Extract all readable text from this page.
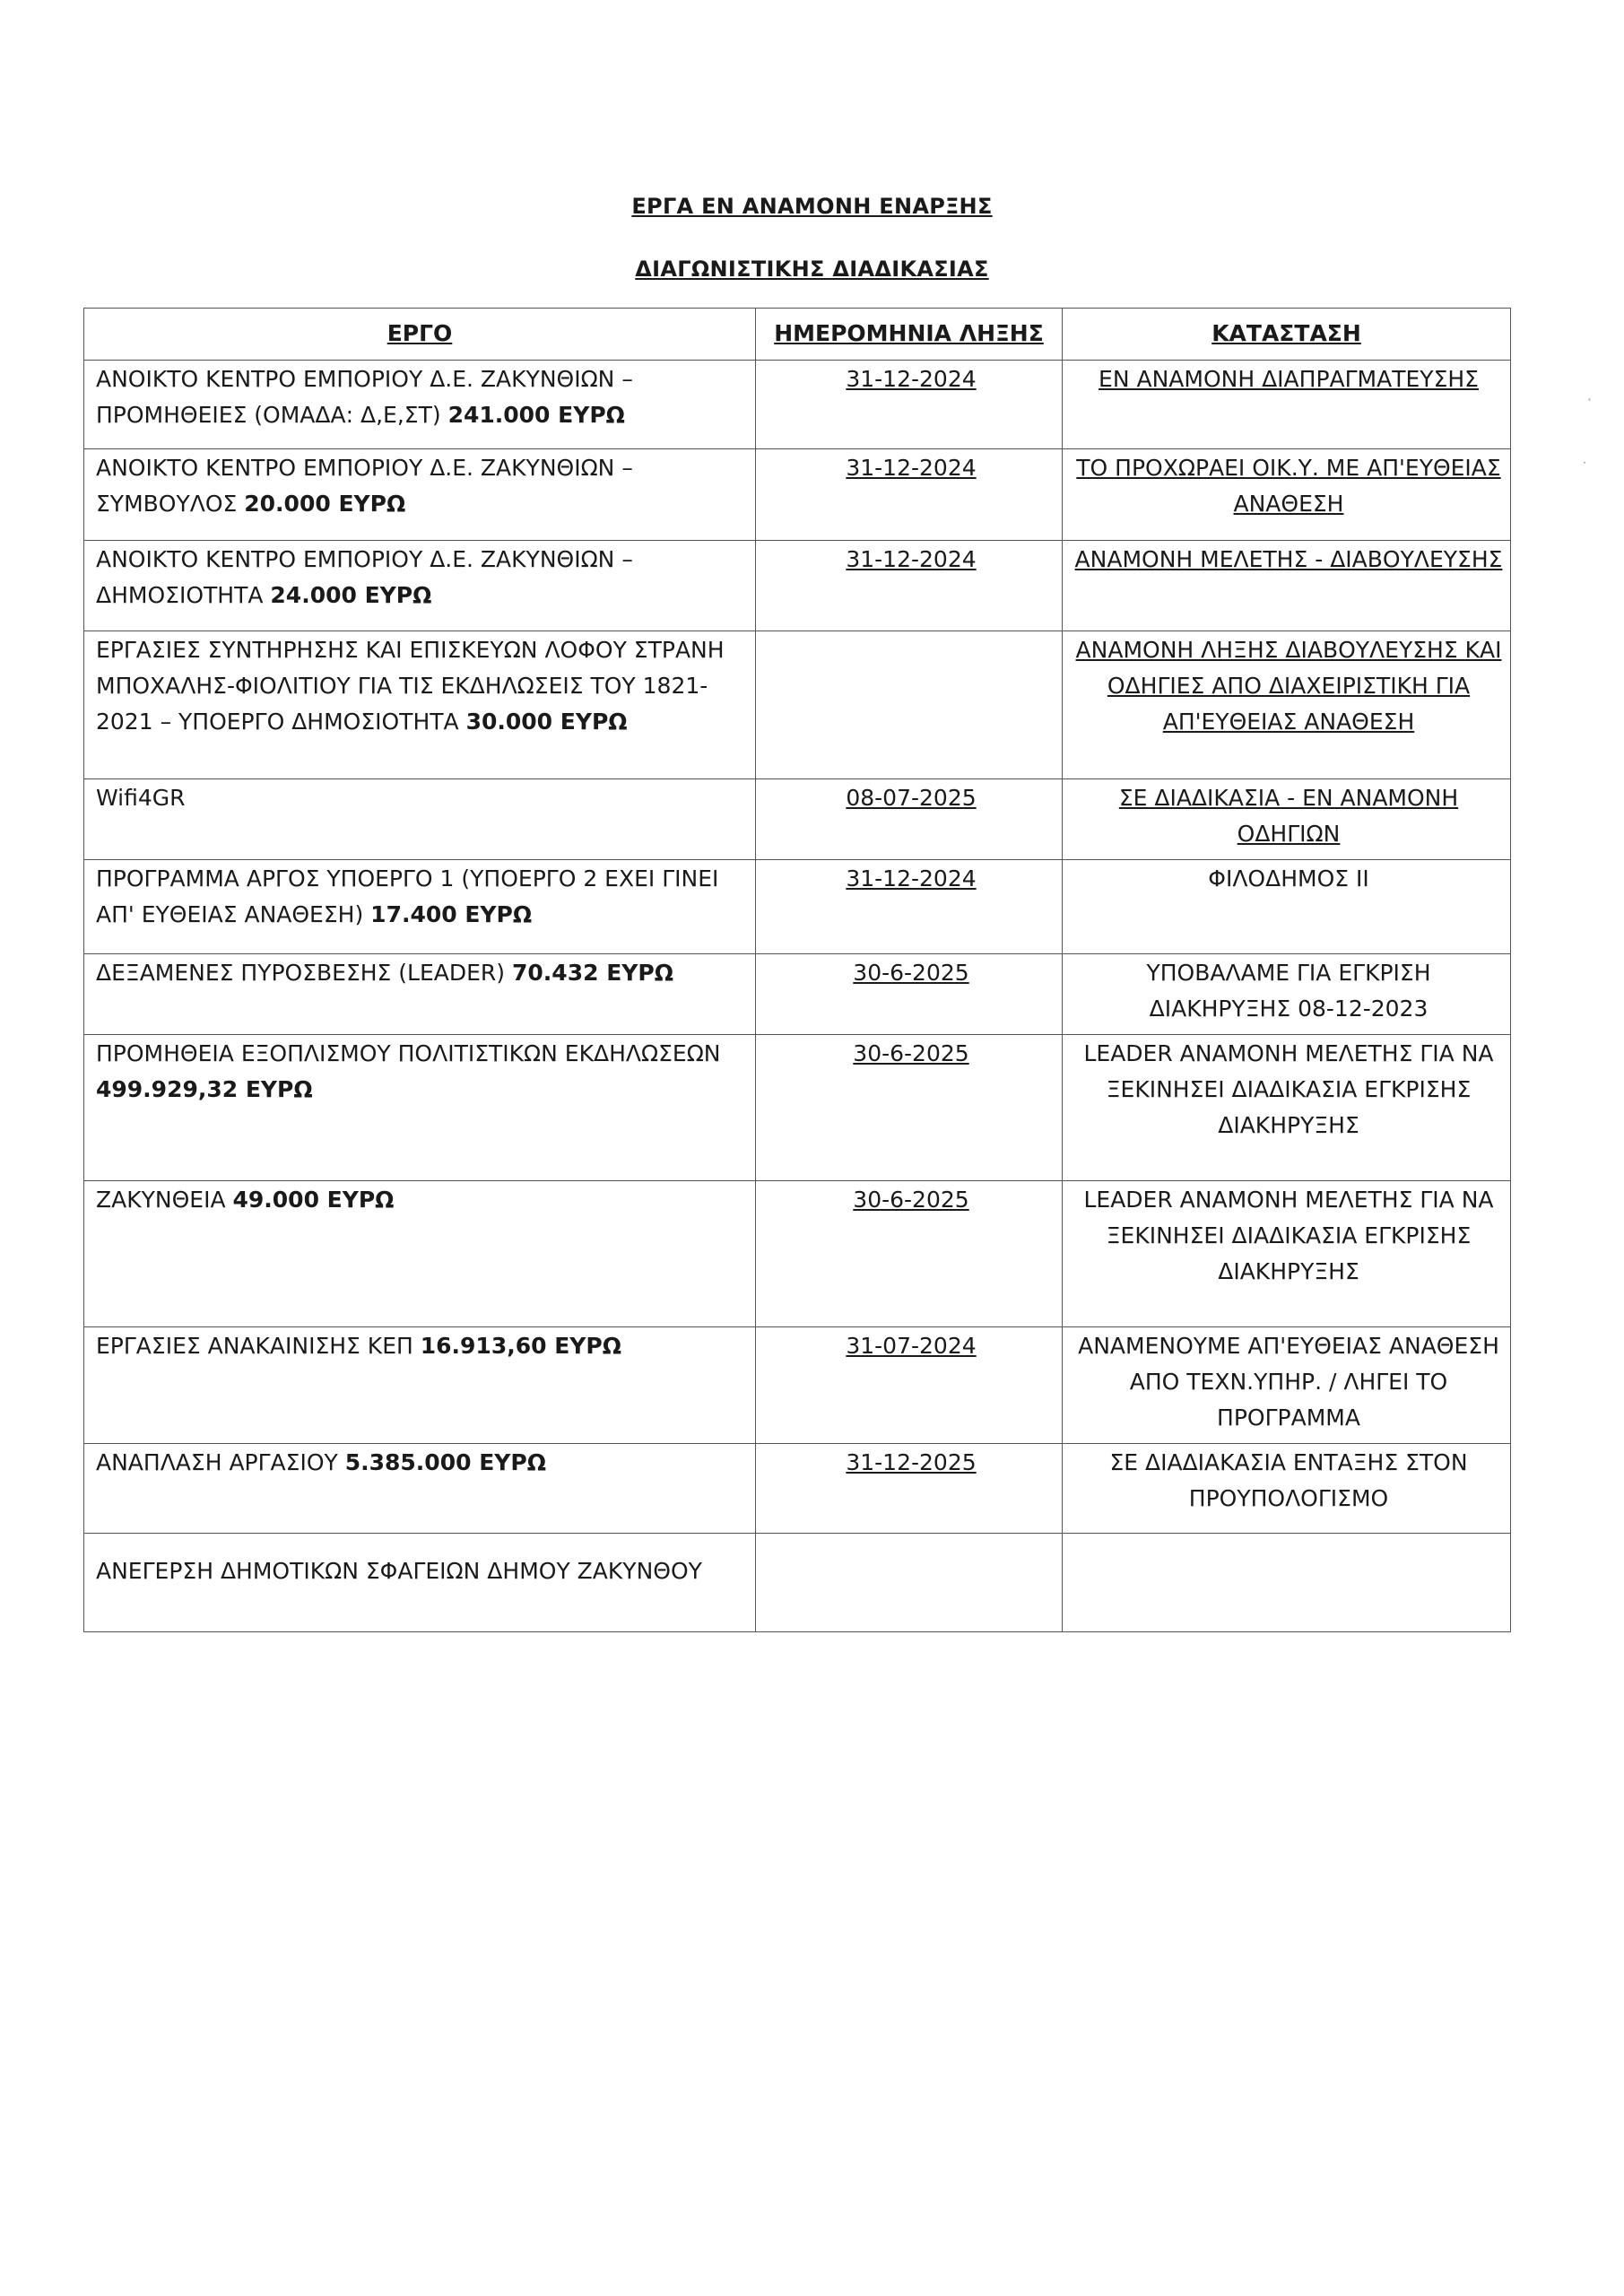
ΕΡΓΑ ΕΝ ΑΝΑΜΟΝΗ ΕΝΑΡΞΗΣ
ΔΙΑΓΩΝΙΣΤΙΚΗΣ ΔΙΑΔΙΚΑΣΙΑΣ
ΕΡΓΟ	ΗΜΕΡΟΜΗΝΙΑ ΛΗΞΗΣ	ΚΑΤΑΣΤΑΣΗ
ΑΝΟΙΚΤΟ ΚΕΝΤΡΟ ΕΜΠΟΡΙΟΥ Δ.Ε. ΖΑΚΥΝΘΙΩΝ – ΠΡΟΜΗΘΕΙΕΣ (ΟΜΑΔΑ: Δ,Ε,ΣΤ) 241.000 ΕΥΡΩ	31-12-2024	ΕΝ ΑΝΑΜΟΝΗ ΔΙΑΠΡΑΓΜΑΤΕΥΣΗΣ
ΑΝΟΙΚΤΟ ΚΕΝΤΡΟ ΕΜΠΟΡΙΟΥ Δ.Ε. ΖΑΚΥΝΘΙΩΝ – ΣΥΜΒΟΥΛΟΣ 20.000 ΕΥΡΩ	31-12-2024	ΤΟ ΠΡΟΧΩΡΑΕΙ ΟΙΚ.Υ. ΜΕ ΑΠ'ΕΥΘΕΙΑΣ ΑΝΑΘΕΣΗ
ΑΝΟΙΚΤΟ ΚΕΝΤΡΟ ΕΜΠΟΡΙΟΥ Δ.Ε. ΖΑΚΥΝΘΙΩΝ – ΔΗΜΟΣΙΟΤΗΤΑ 24.000 ΕΥΡΩ	31-12-2024	ΑΝΑΜΟΝΗ ΜΕΛΕΤΗΣ - ΔΙΑΒΟΥΛΕΥΣΗΣ
ΕΡΓΑΣΙΕΣ ΣΥΝΤΗΡΗΣΗΣ ΚΑΙ ΕΠΙΣΚΕΥΩΝ ΛΟΦΟΥ ΣΤΡΑΝΗ ΜΠΟΧΑΛΗΣ-ΦΙΟΛΙΤΙΟΥ ΓΙΑ ΤΙΣ ΕΚΔΗΛΩΣΕΙΣ ΤΟΥ 1821-2021 – ΥΠΟΕΡΓΟ ΔΗΜΟΣΙΟΤΗΤΑ 30.000 ΕΥΡΩ		ΑΝΑΜΟΝΗ ΛΗΞΗΣ ΔΙΑΒΟΥΛΕΥΣΗΣ ΚΑΙ ΟΔΗΓΙΕΣ ΑΠΟ ΔΙΑΧΕΙΡΙΣΤΙΚΗ ΓΙΑ ΑΠ'ΕΥΘΕΙΑΣ ΑΝΑΘΕΣΗ
Wifi4GR	08-07-2025	ΣΕ ΔΙΑΔΙΚΑΣΙΑ - ΕΝ ΑΝΑΜΟΝΗ ΟΔΗΓΙΩΝ
ΠΡΟΓΡΑΜΜΑ ΑΡΓΟΣ ΥΠΟΕΡΓΟ 1 (ΥΠΟΕΡΓΟ 2 ΕΧΕΙ ΓΙΝΕΙ ΑΠ' ΕΥΘΕΙΑΣ ΑΝΑΘΕΣΗ) 17.400 ΕΥΡΩ	31-12-2024	ΦΙΛΟΔΗΜΟΣ ΙΙ
ΔΕΞΑΜΕΝΕΣ ΠΥΡΟΣΒΕΣΗΣ (LEADER) 70.432 ΕΥΡΩ	30-6-2025	ΥΠΟΒΑΛΑΜΕ ΓΙΑ ΕΓΚΡΙΣΗ ΔΙΑΚΗΡΥΞΗΣ 08-12-2023
ΠΡΟΜΗΘΕΙΑ ΕΞΟΠΛΙΣΜΟΥ ΠΟΛΙΤΙΣΤΙΚΩΝ ΕΚΔΗΛΩΣΕΩΝ 499.929,32 ΕΥΡΩ	30-6-2025	LEADER ΑΝΑΜΟΝΗ ΜΕΛΕΤΗΣ ΓΙΑ ΝΑ ΞΕΚΙΝΗΣΕΙ ΔΙΑΔΙΚΑΣΙΑ ΕΓΚΡΙΣΗΣ ΔΙΑΚΗΡΥΞΗΣ
ΖΑΚΥΝΘΕΙΑ 49.000 ΕΥΡΩ	30-6-2025	LEADER ΑΝΑΜΟΝΗ ΜΕΛΕΤΗΣ ΓΙΑ ΝΑ ΞΕΚΙΝΗΣΕΙ ΔΙΑΔΙΚΑΣΙΑ ΕΓΚΡΙΣΗΣ ΔΙΑΚΗΡΥΞΗΣ
ΕΡΓΑΣΙΕΣ ΑΝΑΚΑΙΝΙΣΗΣ ΚΕΠ 16.913,60 ΕΥΡΩ	31-07-2024	ΑΝΑΜΕΝΟΥΜΕ ΑΠ'ΕΥΘΕΙΑΣ ΑΝΑΘΕΣΗ ΑΠΟ ΤΕΧΝ.ΥΠΗΡ. / ΛΗΓΕΙ ΤΟ ΠΡΟΓΡΑΜΜΑ
ΑΝΑΠΛΑΣΗ ΑΡΓΑΣΙΟΥ 5.385.000 ΕΥΡΩ	31-12-2025	ΣΕ ΔΙΑΔΙΑΚΑΣΙΑ ΕΝΤΑΞΗΣ ΣΤΟΝ ΠΡΟΥΠΟΛΟΓΙΣΜΟ
ΑΝΕΓΕΡΣΗ ΔΗΜΟΤΙΚΩΝ ΣΦΑΓΕΙΩΝ ΔΗΜΟΥ ΖΑΚΥΝΘΟΥ		
·
˙
